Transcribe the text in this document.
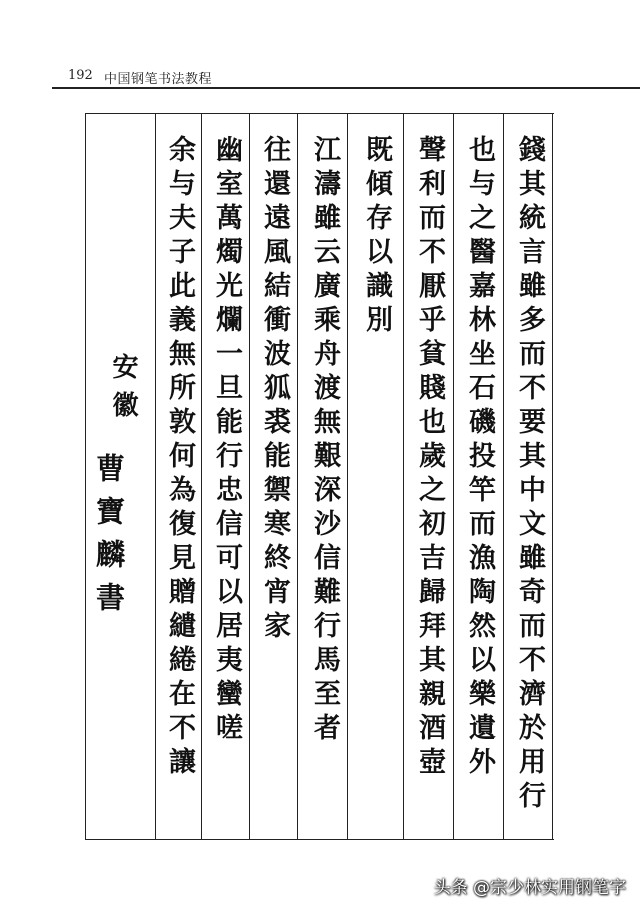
192 中国钢笔书法教程
錢其統言雖多而不要其中文雖奇而不濟於用行
也与之醫嘉林坐石磯投竿而漁陶然以樂遺外
聲利而不厭乎貧賤也歲之初吉歸拜其親酒壺
既傾存以識別
江濤雖云廣乘舟渡無艱深沙信難行馬至者
往還遠風結衝波狐裘能禦寒終宵家
幽室萬燭光爛一旦能行忠信可以居夷蠻嗟
余与夫子此義無所敦何為復見贈繾綣在不讓
安徽
曹寶麟書
头条 @宗少林实用钢笔字
